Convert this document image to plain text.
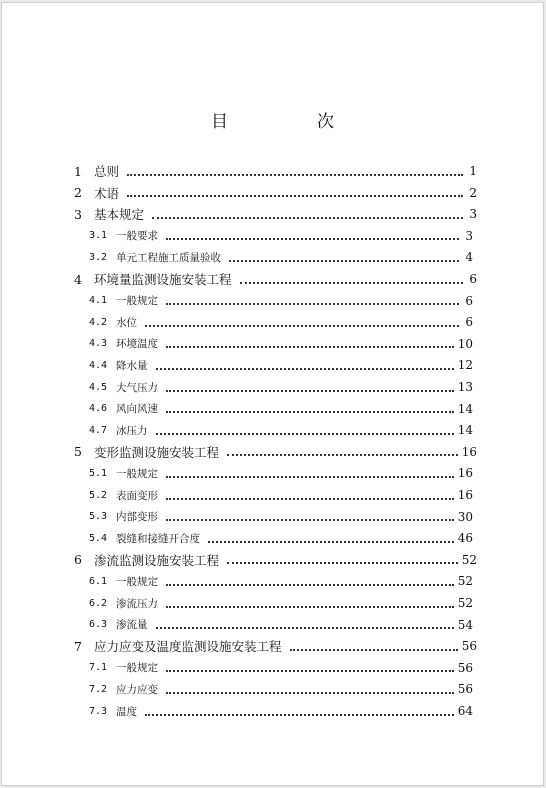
目　次
1 总则	1
2 术语	2
3 基本规定	3
3.1 一般要求	3
3.2 单元工程施工质量验收	4
4 环境量监测设施安装工程	6
4.1 一般规定	6
4.2 水位	6
4.3 环境温度	10
4.4 降水量	12
4.5 大气压力	13
4.6 风向风速	14
4.7 冰压力	14
5 变形监测设施安装工程	16
5.1 一般规定	16
5.2 表面变形	16
5.3 内部变形	30
5.4 裂缝和接缝开合度	46
6 渗流监测设施安装工程	52
6.1 一般规定	52
6.2 渗流压力	52
6.3 渗流量	54
7 应力应变及温度监测设施安装工程	56
7.1 一般规定	56
7.2 应力应变	56
7.3 温度	64
